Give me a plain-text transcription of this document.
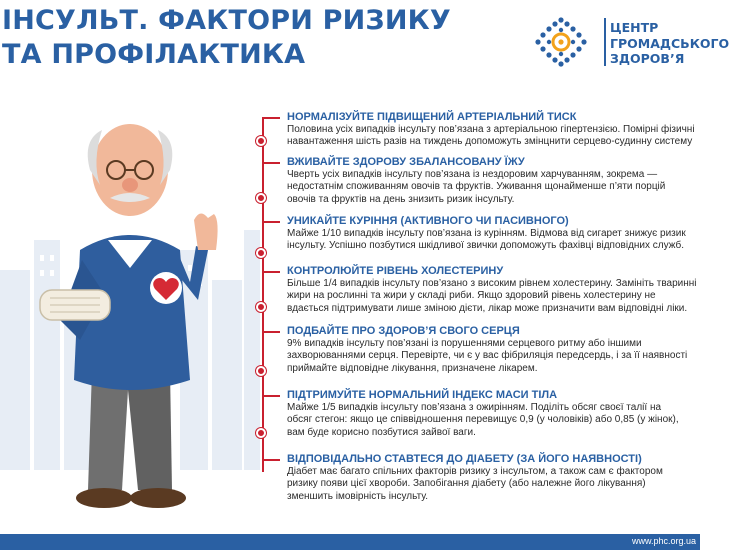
ІНСУЛЬТ. ФАКТОРИ РИЗИКУ
ТА ПРОФІЛАКТИКА
ЦЕНТР
ГРОМАДСЬКОГО
ЗДОРОВ’Я
НОРМАЛІЗУЙТЕ ПІДВИЩЕНИЙ АРТЕРІАЛЬНИЙ ТИСК

Половина усіх випадків інсульту пов’язана з артеріальною гіпертензією. Помірні фізичні

навантаження шість разів на тиждень допоможуть змінцнити серцево-судинну систему

ВЖИВАЙТЕ ЗДОРОВУ ЗБАЛАНСОВАНУ ЇЖУ

Чверть усіх випадків інсульту пов’язана із нездоровим харчуванням, зокрема —

недостатнім споживанням овочів та фруктів. Уживання щонайменше п’яти порцій

овочів та фруктів на день знизить ризик інсульту.

УНИКАЙТЕ КУРІННЯ (АКТИВНОГО ЧИ ПАСИВНОГО)

Майже 1/10 випадків інсульту пов’язана із курінням. Відмова від сигарет знижує ризик

інсульту. Успішно позбутися шкідливої звички допоможуть фахівці відповідних служб.

КОНТРОЛЮЙТЕ РІВЕНЬ ХОЛЕСТЕРИНУ

Більше 1/4 випадків інсульту пов’язано з високим рівнем холестерину. Замініть тваринні

жири на рослинні та жири у складі риби. Якщо здоровий рівень холестерину не

вдається підтримувати лише зміною дієти, лікар може призначити вам відповідні ліки.

ПОДБАЙТЕ ПРО ЗДОРОВ’Я СВОГО СЕРЦЯ

9% випадків інсульту пов’язані із порушеннями серцевого ритму або іншими

захворюваннями серця. Перевірте, чи є у вас фібриляція передсердь, і за її наявності

приймайте відповідне лікування, призначене лікарем.

ПІДТРИМУЙТЕ НОРМАЛЬНИЙ ІНДЕКС МАСИ ТІЛА

Майже 1/5 випадків інсульту пов’язана з ожирінням. Поділіть обсяг своєї талії на

обсяг стегон: якщо це співвідношення перевищує 0,9 (у чоловіків) або 0,85 (у жінок),

вам буде корисно позбутися зайвої ваги.

ВІДПОВІДАЛЬНО СТАВТЕСЯ ДО ДІАБЕТУ (ЗА ЙОГО НАЯВНОСТІ)

Діабет має багато спільних факторів ризику з інсультом, а також сам є фактором

ризику появи цієї хвороби. Запобігання діабету (або належне його лікування)

зменшить імовірність інсульту.

www.phc.org.ua
